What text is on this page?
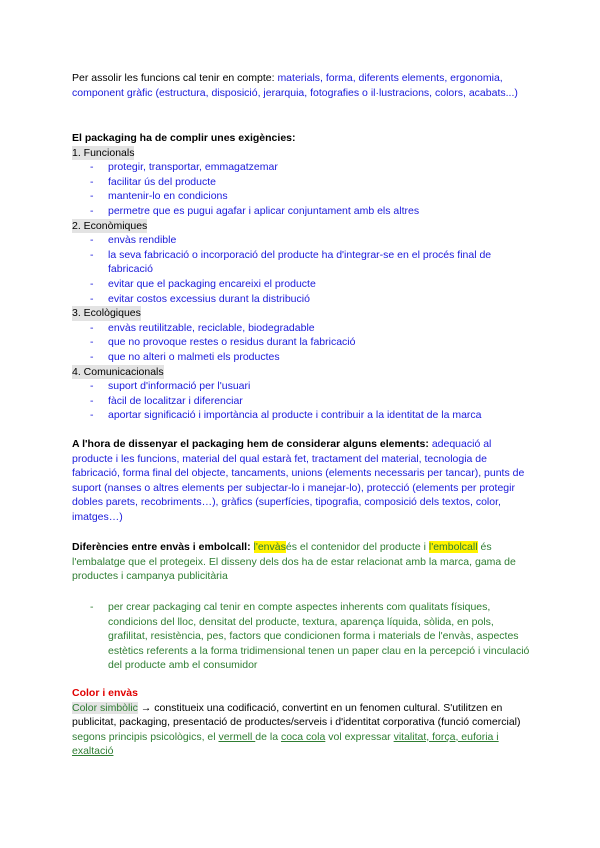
Per assolir les funcions cal tenir en compte: materials, forma, diferents elements, ergonomia, component gràfic (estructura, disposició, jerarquia, fotografies o il·lustracions, colors, acabats...)
El packaging ha de complir unes exigències:
1. Funcionals
- protegir, transportar, emmagatzemar
- facilitar ús del producte
- mantenir-lo en condicions
- permetre que es pugui agafar i aplicar conjuntament amb els altres
2. Econòmiques
- envàs rendible
- la seva fabricació o incorporació del producte ha d'integrar-se en el procés final de fabricació
- evitar que el packaging encareixi el producte
- evitar costos excessius durant la distribució
3. Ecològiques
- envàs reutilitzable, reciclable, biodegradable
- que no provoque restes o residus durant la fabricació
- que no alteri o malmeti els productes
4. Comunicacionals
- suport d'informació per l'usuari
- fàcil de localitzar i diferenciar
- aportar significació i importància al producte i contribuir a la identitat de la marca
A l'hora de dissenyar el packaging hem de considerar alguns elements: adequació al producte i les funcions, material del qual estarà fet, tractament del material, tecnologia de fabricació, forma final del objecte, tancaments, unions (elements necessaris per tancar), punts de suport (nanses o altres elements per subjectar-lo i manejar-lo), protecció (elements per protegir dobles parets, recobriments…), gràfics (superfícies, tipografia, composició dels textos, color, imatges…)
Diferències entre envàs i embolcall: l'envàsés el contenidor del producte i l'embolcall és l'embalatge que el protegeix. El disseny dels dos ha de estar relacionat amb la marca, gama de productes i campanya publicitària
- per crear packaging cal tenir en compte aspectes inherents com qualitats físiques, condicions del lloc, densitat del producte, textura, aparença líquida, sòlida, en pols, grafilitat, resistència, pes, factors que condicionen forma i materials de l'envàs, aspectes estètics referents a la forma tridimensional tenen un paper clau en la percepció i vinculació del producte amb el consumidor
Color i envàs
Color simbòlic → constitueix una codificació, convertint en un fenomen cultural. S'utilitzen en publicitat, packaging, presentació de productes/serveis i d'identitat corporativa (funció comercial) segons principis psicològics, el vermell de la coca cola vol expressar vitalitat, força, euforia i exaltació
